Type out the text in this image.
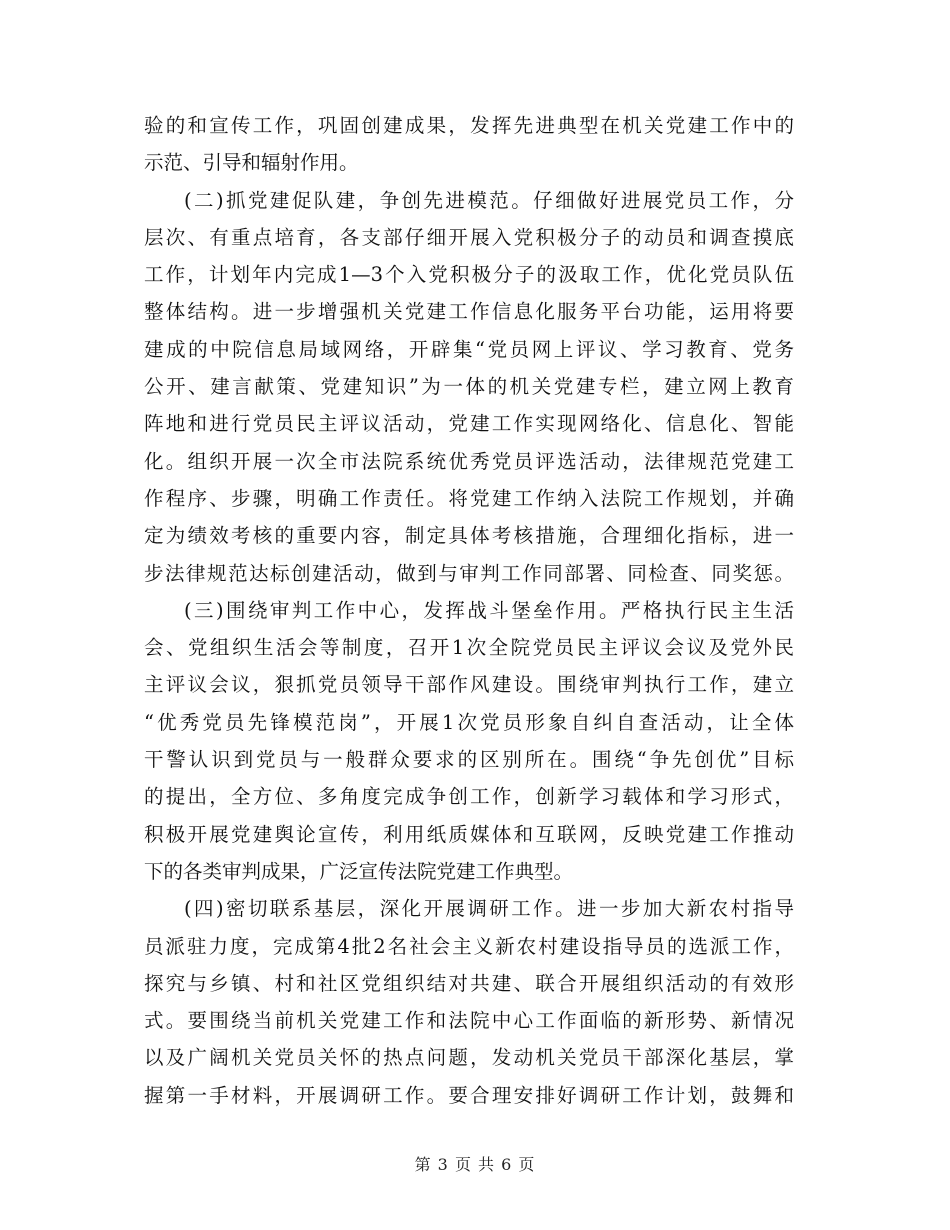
验的和宣传工作，巩固创建成果，发挥先进典型在机关党建工作中的
示范、引导和辐射作用。
(二)抓党建促队建，争创先进模范。仔细做好进展党员工作，分
层次、有重点培育，各支部仔细开展入党积极分子的动员和调查摸底
工作，计划年内完成1—3个入党积极分子的汲取工作，优化党员队伍
整体结构。进一步增强机关党建工作信息化服务平台功能，运用将要
建成的中院信息局域网络，开辟集“党员网上评议、学习教育、党务
公开、建言献策、党建知识”为一体的机关党建专栏，建立网上教育
阵地和进行党员民主评议活动，党建工作实现网络化、信息化、智能
化。组织开展一次全市法院系统优秀党员评选活动，法律规范党建工
作程序、步骤，明确工作责任。将党建工作纳入法院工作规划，并确
定为绩效考核的重要内容，制定具体考核措施，合理细化指标，进一
步法律规范达标创建活动，做到与审判工作同部署、同检查、同奖惩。
(三)围绕审判工作中心，发挥战斗堡垒作用。严格执行民主生活
会、党组织生活会等制度，召开1次全院党员民主评议会议及党外民
主评议会议，狠抓党员领导干部作风建设。围绕审判执行工作，建立
“优秀党员先锋模范岗”，开展1次党员形象自纠自查活动，让全体
干警认识到党员与一般群众要求的区别所在。围绕“争先创优”目标
的提出，全方位、多角度完成争创工作，创新学习载体和学习形式，
积极开展党建舆论宣传，利用纸质媒体和互联网，反映党建工作推动
下的各类审判成果，广泛宣传法院党建工作典型。
(四)密切联系基层，深化开展调研工作。进一步加大新农村指导
员派驻力度，完成第4批2名社会主义新农村建设指导员的选派工作，
探究与乡镇、村和社区党组织结对共建、联合开展组织活动的有效形
式。要围绕当前机关党建工作和法院中心工作面临的新形势、新情况
以及广阔机关党员关怀的热点问题，发动机关党员干部深化基层，掌
握第一手材料，开展调研工作。要合理安排好调研工作计划，鼓舞和
第 3 页 共 6 页
